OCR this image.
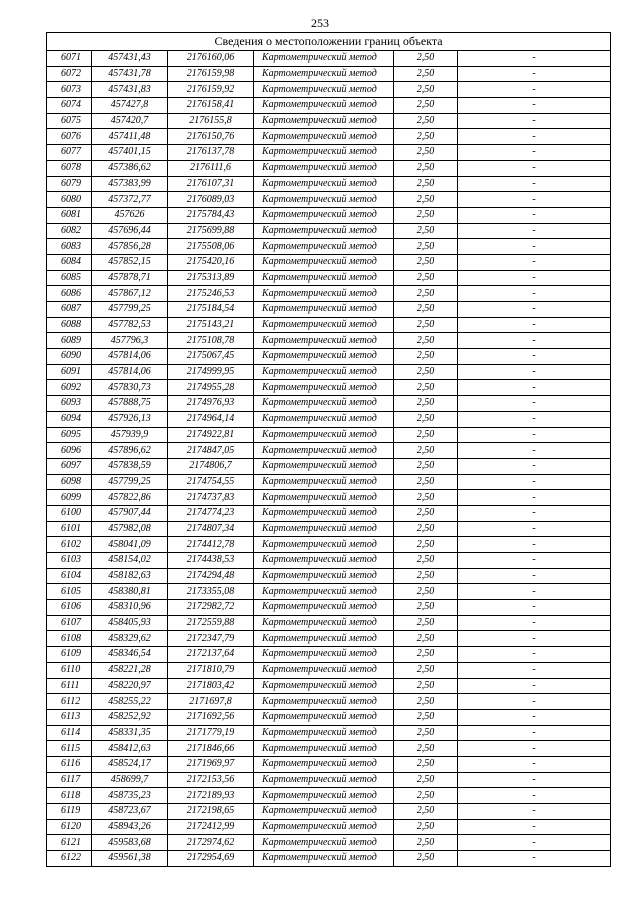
253
Сведения о местоположении границ объекта					
6071	457431,43	2176160,06	Картометрический метод	2,50	-
6072	457431,78	2176159,98	Картометрический метод	2,50	-
6073	457431,83	2176159,92	Картометрический метод	2,50	-
6074	457427,8	2176158,41	Картометрический метод	2,50	-
6075	457420,7	2176155,8	Картометрический метод	2,50	-
6076	457411,48	2176150,76	Картометрический метод	2,50	-
6077	457401,15	2176137,78	Картометрический метод	2,50	-
6078	457386,62	2176111,6	Картометрический метод	2,50	-
6079	457383,99	2176107,31	Картометрический метод	2,50	-
6080	457372,77	2176089,03	Картометрический метод	2,50	-
6081	457626	2175784,43	Картометрический метод	2,50	-
6082	457696,44	2175699,88	Картометрический метод	2,50	-
6083	457856,28	2175508,06	Картометрический метод	2,50	-
6084	457852,15	2175420,16	Картометрический метод	2,50	-
6085	457878,71	2175313,89	Картометрический метод	2,50	-
6086	457867,12	2175246,53	Картометрический метод	2,50	-
6087	457799,25	2175184,54	Картометрический метод	2,50	-
6088	457782,53	2175143,21	Картометрический метод	2,50	-
6089	457796,3	2175108,78	Картометрический метод	2,50	-
6090	457814,06	2175067,45	Картометрический метод	2,50	-
6091	457814,06	2174999,95	Картометрический метод	2,50	-
6092	457830,73	2174955,28	Картометрический метод	2,50	-
6093	457888,75	2174976,93	Картометрический метод	2,50	-
6094	457926,13	2174964,14	Картометрический метод	2,50	-
6095	457939,9	2174922,81	Картометрический метод	2,50	-
6096	457896,62	2174847,05	Картометрический метод	2,50	-
6097	457838,59	2174806,7	Картометрический метод	2,50	-
6098	457799,25	2174754,55	Картометрический метод	2,50	-
6099	457822,86	2174737,83	Картометрический метод	2,50	-
6100	457907,44	2174774,23	Картометрический метод	2,50	-
6101	457982,08	2174807,34	Картометрический метод	2,50	-
6102	458041,09	2174412,78	Картометрический метод	2,50	-
6103	458154,02	2174438,53	Картометрический метод	2,50	-
6104	458182,63	2174294,48	Картометрический метод	2,50	-
6105	458380,81	2173355,08	Картометрический метод	2,50	-
6106	458310,96	2172982,72	Картометрический метод	2,50	-
6107	458405,93	2172559,88	Картометрический метод	2,50	-
6108	458329,62	2172347,79	Картометрический метод	2,50	-
6109	458346,54	2172137,64	Картометрический метод	2,50	-
6110	458221,28	2171810,79	Картометрический метод	2,50	-
6111	458220,97	2171803,42	Картометрический метод	2,50	-
6112	458255,22	2171697,8	Картометрический метод	2,50	-
6113	458252,92	2171692,56	Картометрический метод	2,50	-
6114	458331,35	2171779,19	Картометрический метод	2,50	-
6115	458412,63	2171846,66	Картометрический метод	2,50	-
6116	458524,17	2171969,97	Картометрический метод	2,50	-
6117	458699,7	2172153,56	Картометрический метод	2,50	-
6118	458735,23	2172189,93	Картометрический метод	2,50	-
6119	458723,67	2172198,65	Картометрический метод	2,50	-
6120	458943,26	2172412,99	Картометрический метод	2,50	-
6121	459583,68	2172974,62	Картометрический метод	2,50	-
6122	459561,38	2172954,69	Картометрический метод	2,50	-
